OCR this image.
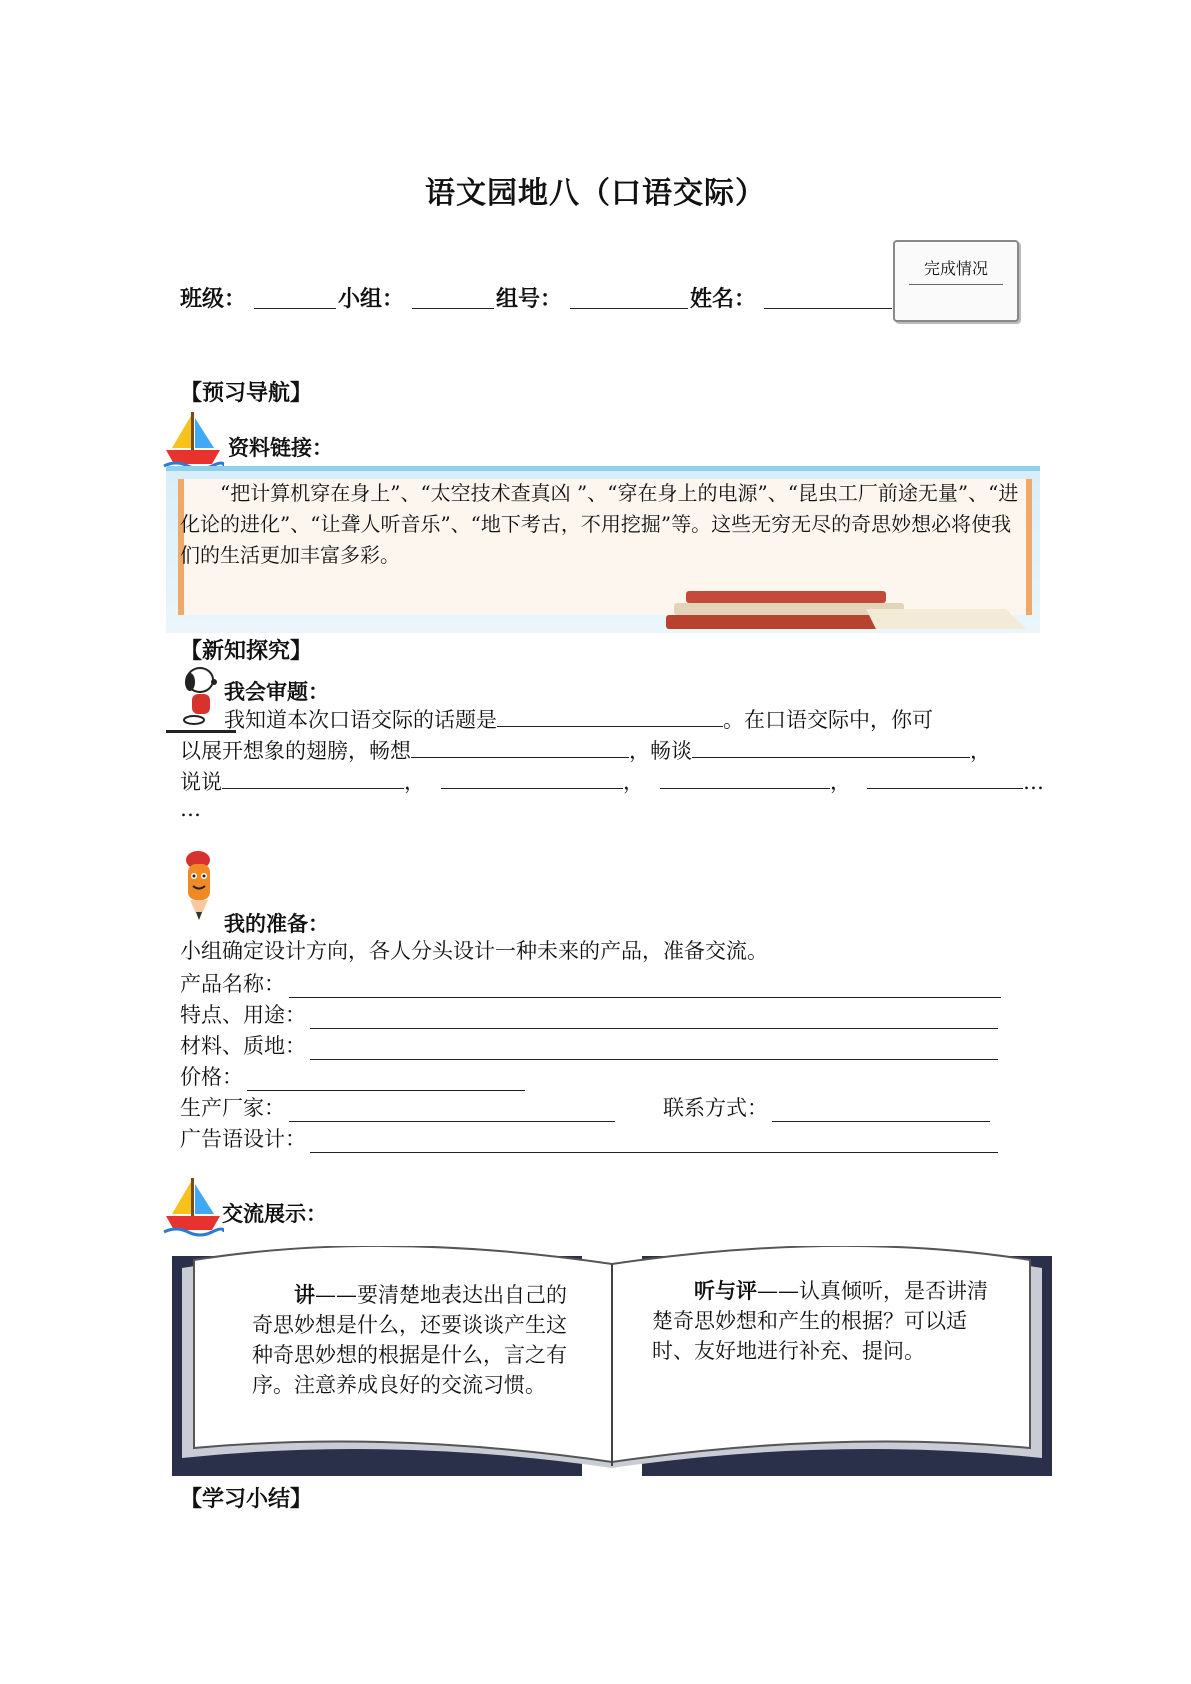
语文园地八（口语交际）
班级：	小组：	组号：	姓名：
完成情况
【预习导航】
资料链接：
“把计算机穿在身上”、“太空技术查真凶 ”、“穿在身上的电源”、“昆虫工厂前途无量”、“进化论的进化”、“让聋人听音乐”、“地下考古，不用挖掘”等。这些无穷无尽的奇思妙想必将使我们的生活更加丰富多彩。
【新知探究】
我会审题：
我知道本次口语交际的话题是	。在口语交际中，你可
以展开想象的翅膀，畅想	，畅谈	，
说说	，	，	，	…
…
我的准备：
小组确定设计方向，各人分头设计一种未来的产品，准备交流。
产品名称：
特点、用途：
材料、质地：
价格：
生产厂家：	联系方式：
广告语设计：
交流展示：
讲——要清楚地表达出自己的奇思妙想是什么，还要谈谈产生这种奇思妙想的根据是什么，言之有序。注意养成良好的交流习惯。
听与评——认真倾听，是否讲清楚奇思妙想和产生的根据？可以适时、友好地进行补充、提问。
【学习小结】
